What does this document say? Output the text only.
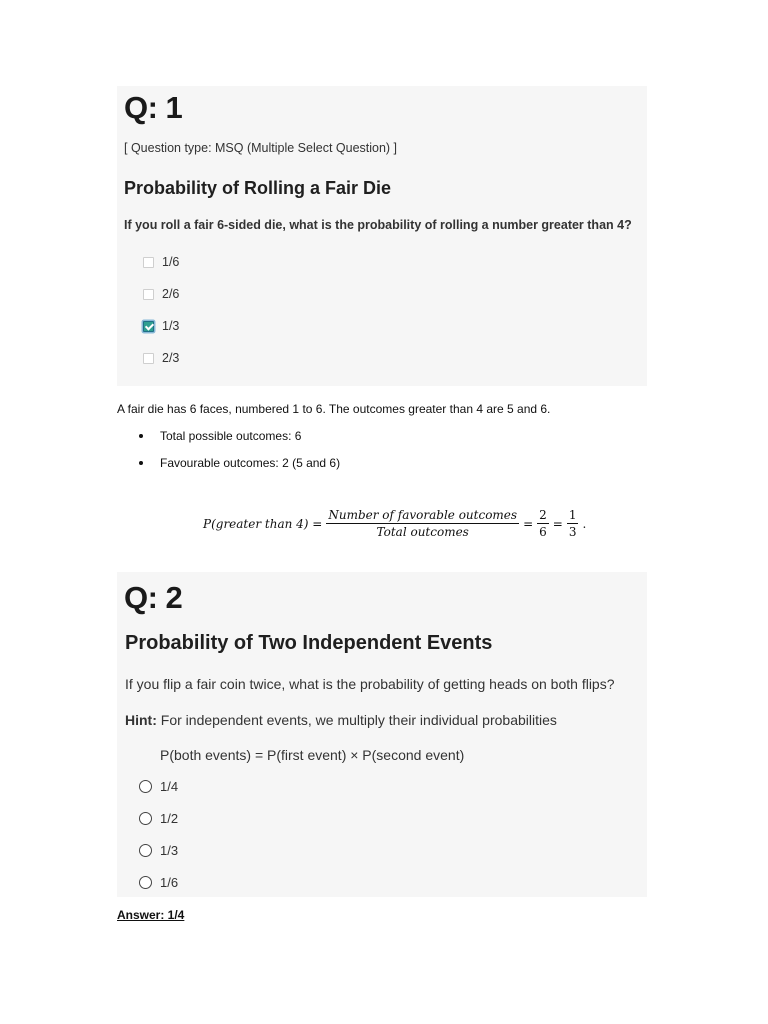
Q: 1
[ Question type: MSQ (Multiple Select Question) ]
Probability of Rolling a Fair Die
If you roll a fair 6-sided die, what is the probability of rolling a number greater than 4?
1/6
2/6
1/3
2/3
A fair die has 6 faces, numbered 1 to 6. The outcomes greater than 4 are 5 and 6.
Total possible outcomes: 6
Favourable outcomes: 2 (5 and 6)
P(greater than $4) = \frac{\text{Number of favorable outcomes}}{\text{Total outcomes}} = \frac{2}{6} = \frac{1}{3}$ .
Q: 2
Probability of Two Independent Events
If you flip a fair coin twice, what is the probability of getting heads on both flips?
Hint: For independent events, we multiply their individual probabilities
P(both events) = P(first event) × P(second event)
1/4
1/2
1/3
1/6
Answer: 1/4
